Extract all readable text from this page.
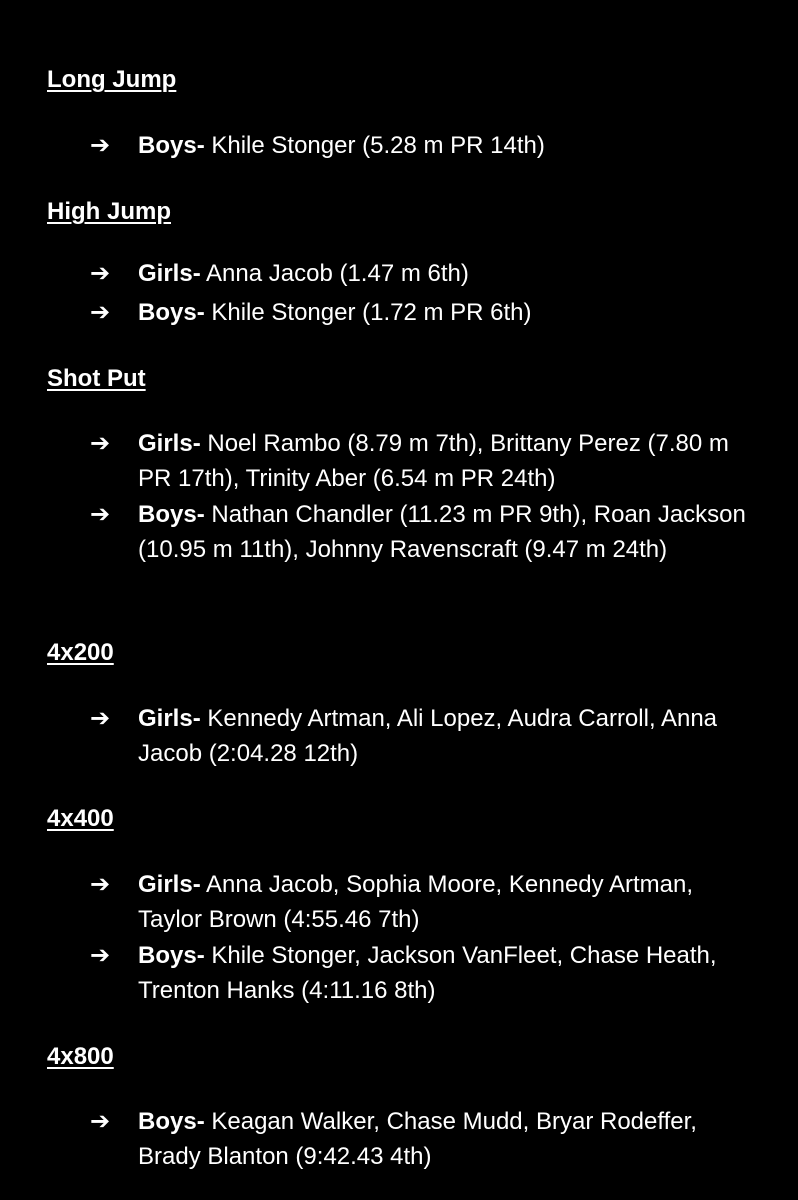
Long Jump
➔	Boys- Khile Stonger (5.28 m PR 14th)
High Jump
➔	Girls- Anna Jacob (1.47 m 6th)
➔	Boys- Khile Stonger (1.72 m PR 6th)
Shot Put
➔	Girls- Noel Rambo (8.79 m 7th), Brittany Perez (7.80 m PR 17th), Trinity Aber (6.54 m PR 24th)
➔	Boys- Nathan Chandler (11.23 m PR 9th), Roan Jackson (10.95 m 11th), Johnny Ravenscraft (9.47 m 24th)
4x200
➔	Girls- Kennedy Artman, Ali Lopez, Audra Carroll, Anna Jacob (2:04.28 12th)
4x400
➔	Girls- Anna Jacob, Sophia Moore, Kennedy Artman, Taylor Brown (4:55.46 7th)
➔	Boys- Khile Stonger, Jackson VanFleet, Chase Heath, Trenton Hanks (4:11.16 8th)
4x800
➔	Boys- Keagan Walker, Chase Mudd, Bryar Rodeffer, Brady Blanton (9:42.43 4th)
